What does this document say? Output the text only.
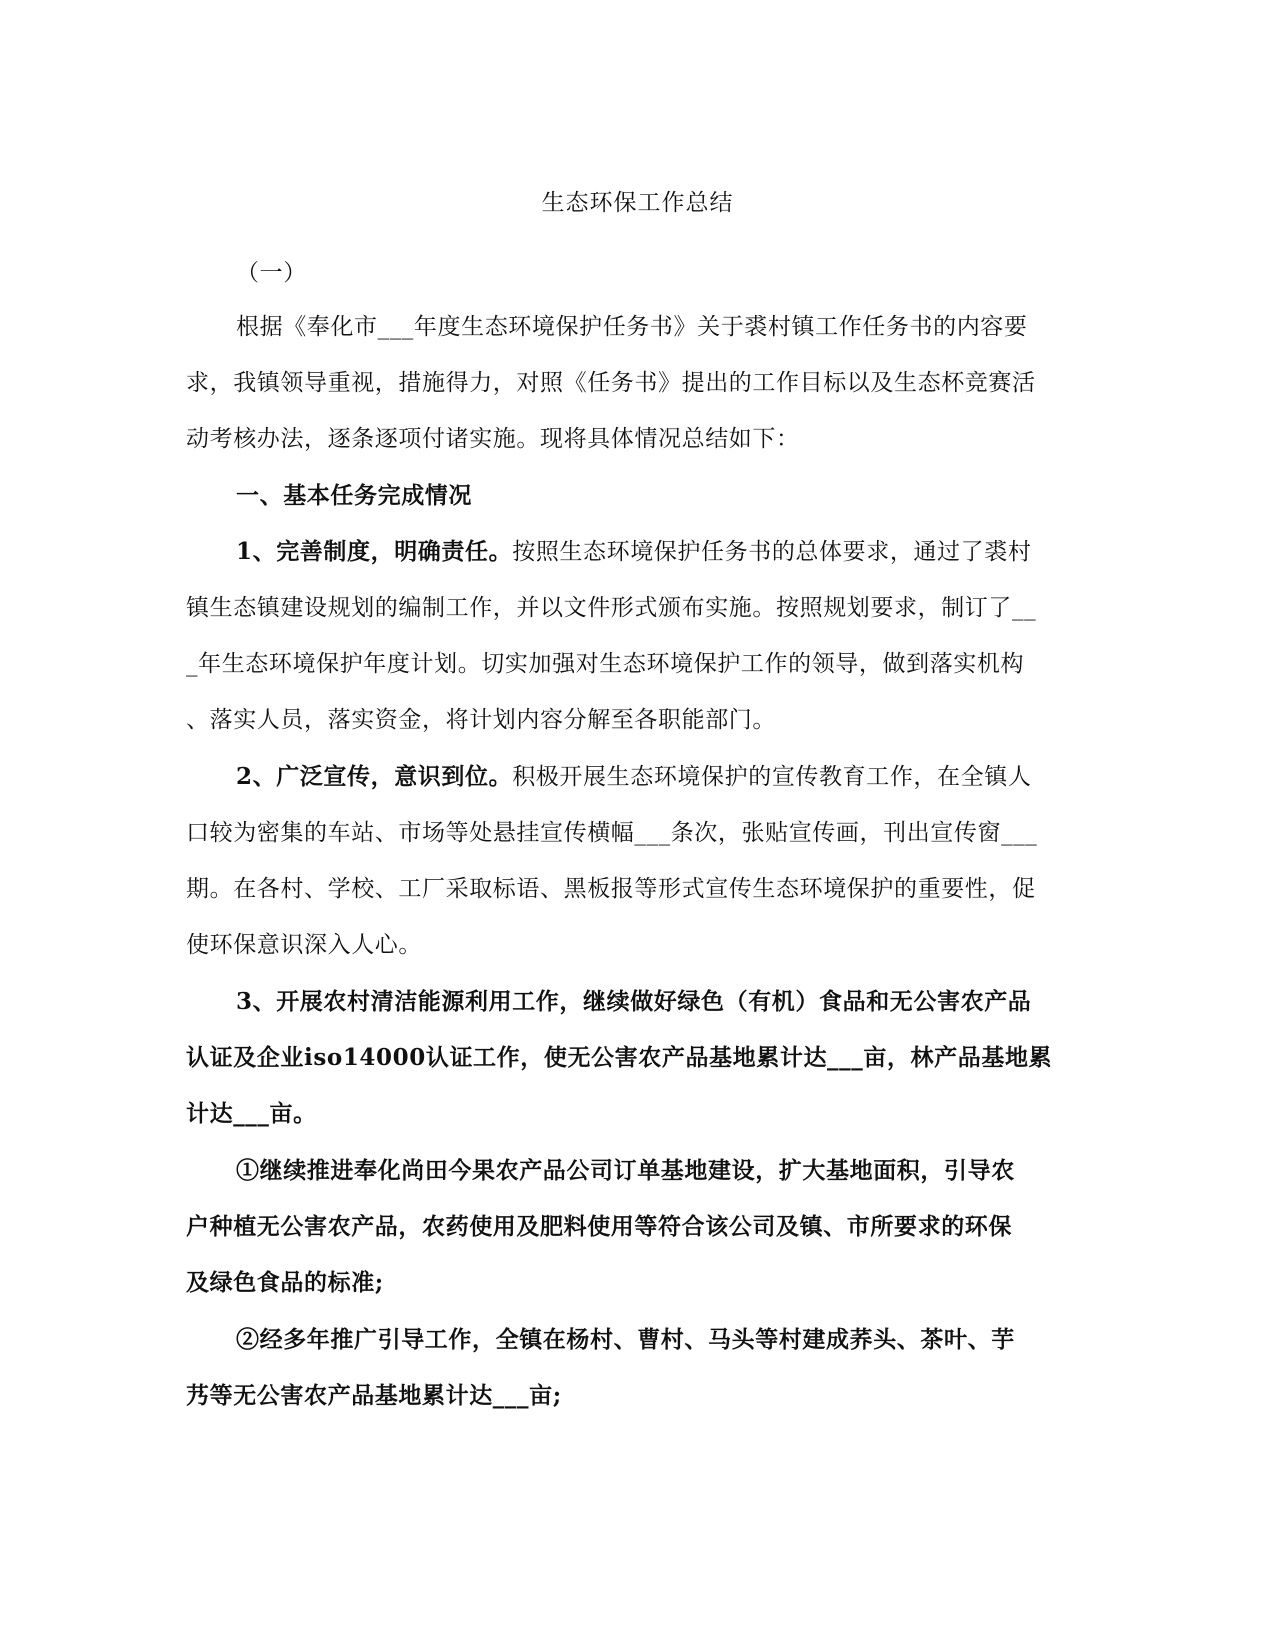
生态环保工作总结
（一）
根据《奉化市___年度生态环境保护任务书》关于裘村镇工作任务书的内容要
求，我镇领导重视，措施得力，对照《任务书》提出的工作目标以及生态杯竞赛活
动考核办法，逐条逐项付诸实施。现将具体情况总结如下：
一、基本任务完成情况
1、完善制度，明确责任。按照生态环境保护任务书的总体要求，通过了裘村
镇生态镇建设规划的编制工作，并以文件形式颁布实施。按照规划要求，制订了__
_年生态环境保护年度计划。切实加强对生态环境保护工作的领导，做到落实机构
、落实人员，落实资金，将计划内容分解至各职能部门。
2、广泛宣传，意识到位。积极开展生态环境保护的宣传教育工作，在全镇人
口较为密集的车站、市场等处悬挂宣传横幅___条次，张贴宣传画，刊出宣传窗___
期。在各村、学校、工厂采取标语、黑板报等形式宣传生态环境保护的重要性，促
使环保意识深入人心。
3、开展农村清洁能源利用工作，继续做好绿色（有机）食品和无公害农产品
认证及企业iso14000认证工作，使无公害农产品基地累计达___亩，林产品基地累
计达___亩。
①继续推进奉化尚田今果农产品公司订单基地建设，扩大基地面积，引导农
户种植无公害农产品，农药使用及肥料使用等符合该公司及镇、市所要求的环保
及绿色食品的标准;
②经多年推广引导工作，全镇在杨村、曹村、马头等村建成荞头、茶叶、芋
艿等无公害农产品基地累计达___亩;
